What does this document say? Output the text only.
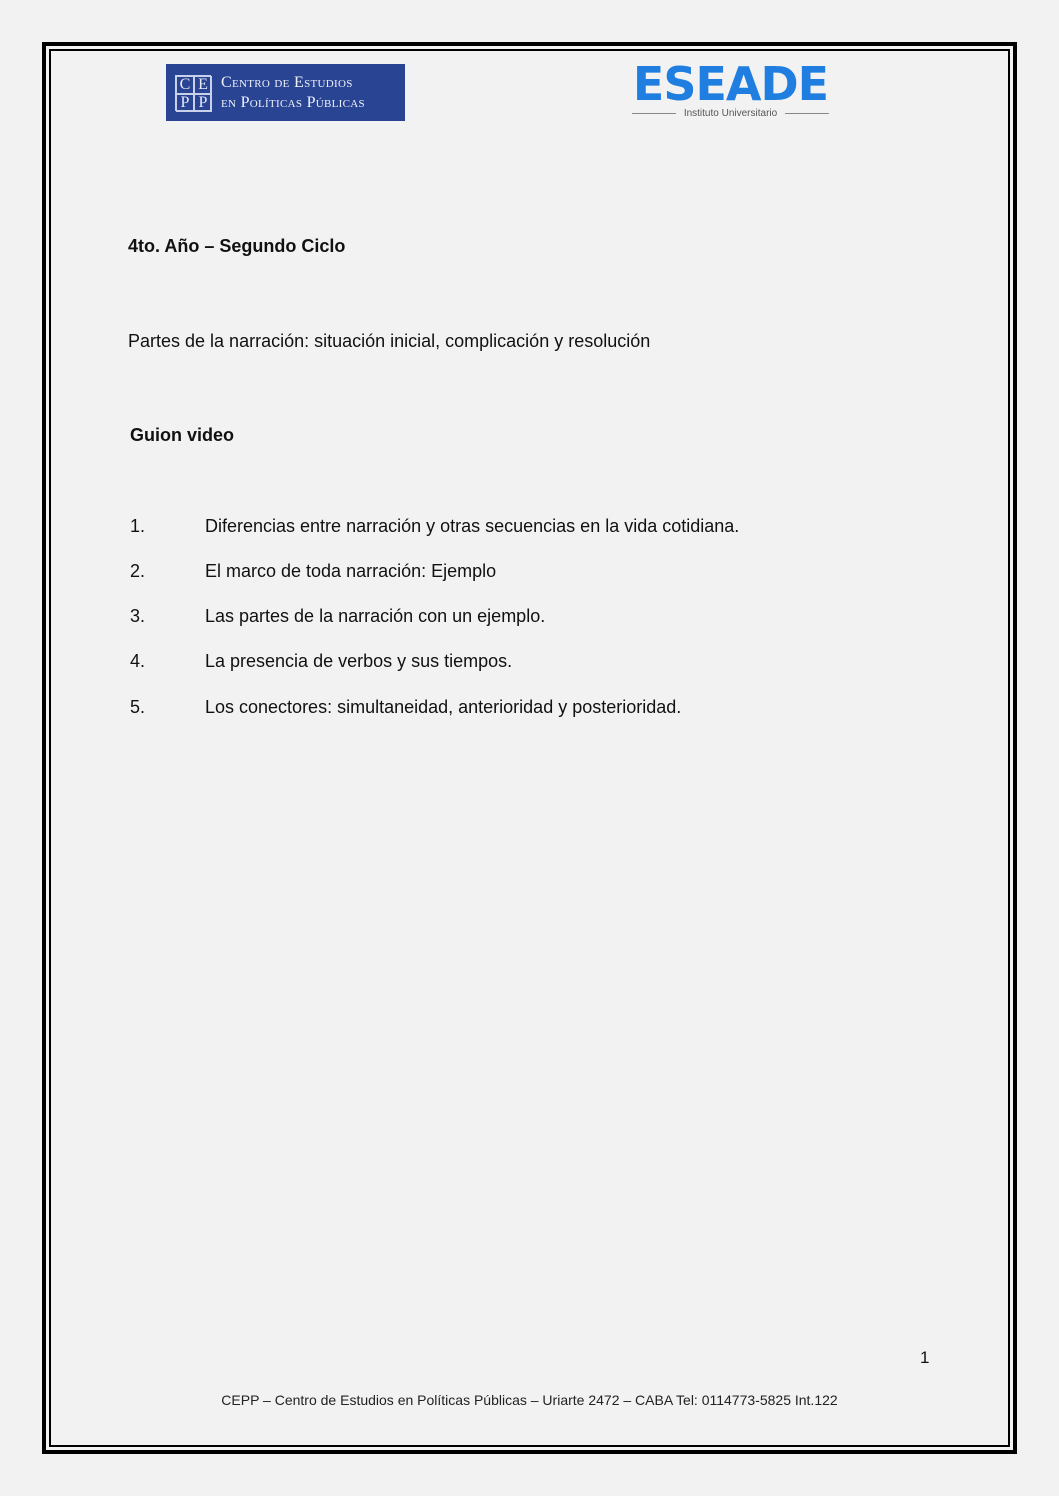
C E
P P
Centro de Estudios
en Políticas Públicas	ESEADE
Instituto Universitario
4to. Año – Segundo Ciclo
Partes de la narración: situación inicial, complicación y resolución
Guion video
1.	Diferencias entre narración y otras secuencias en la vida cotidiana.
2.	El marco de toda narración: Ejemplo
3.	Las partes de la narración con un ejemplo.
4.	La presencia de verbos y sus tiempos.
5.	Los conectores: simultaneidad, anterioridad y posterioridad.
1
CEPP – Centro de Estudios en Políticas Públicas – Uriarte 2472 – CABA Tel: 0114773-5825 Int.122
